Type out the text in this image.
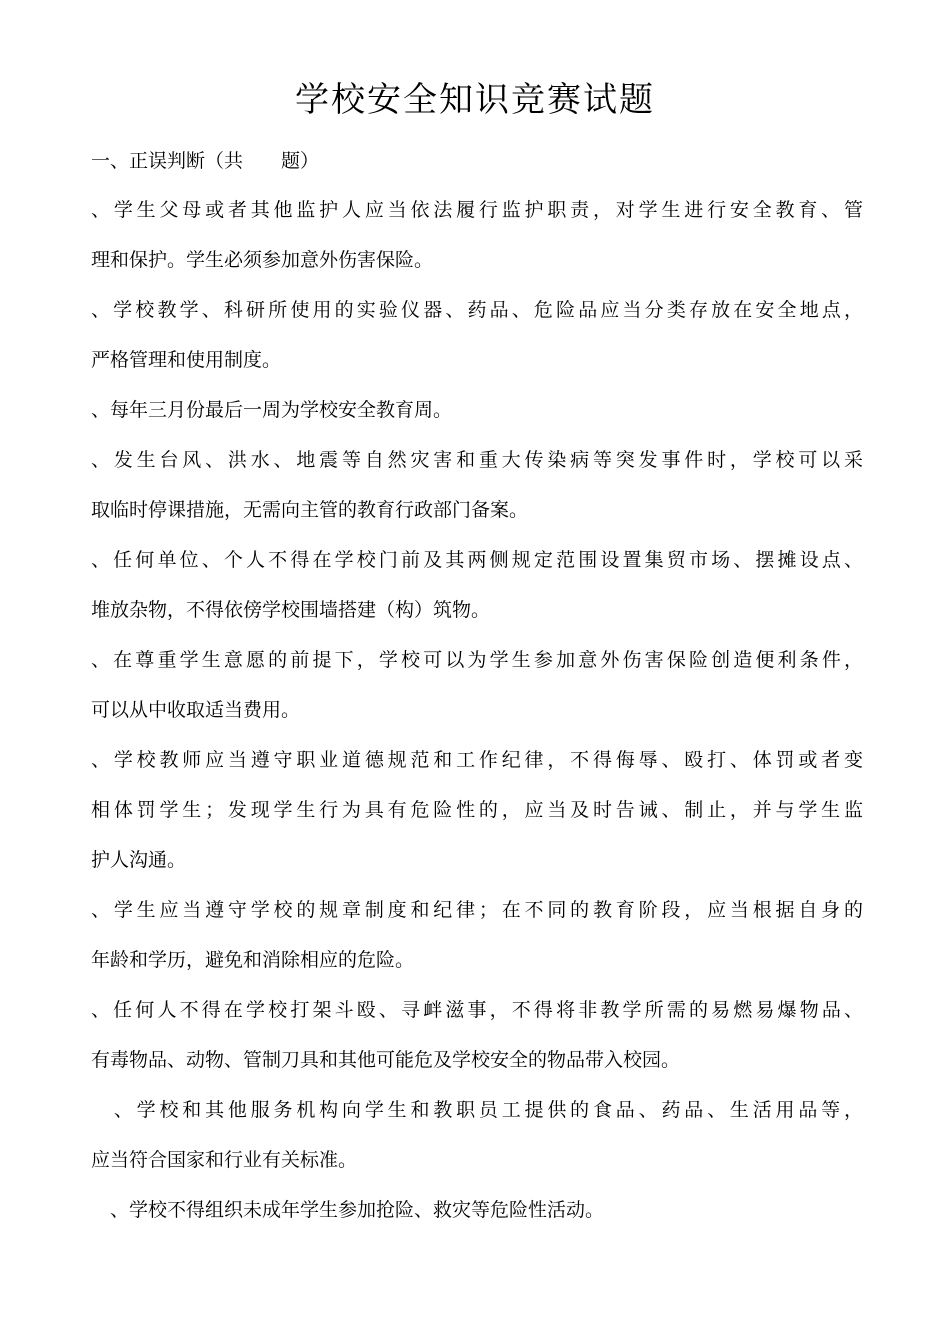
学校安全知识竞赛试题
一、正误判断（共　　题）
、学生父母或者其他监护人应当依法履行监护职责，对学生进行安全教育、管
理和保护。学生必须参加意外伤害保险。
、学校教学、科研所使用的实验仪器、药品、危险品应当分类存放在安全地点，
严格管理和使用制度。
、每年三月份最后一周为学校安全教育周。
、发生台风、洪水、地震等自然灾害和重大传染病等突发事件时，学校可以采
取临时停课措施，无需向主管的教育行政部门备案。
、任何单位、个人不得在学校门前及其两侧规定范围设置集贸市场、摆摊设点、
堆放杂物，不得依傍学校围墙搭建（构）筑物。
、在尊重学生意愿的前提下，学校可以为学生参加意外伤害保险创造便利条件，
可以从中收取适当费用。
、学校教师应当遵守职业道德规范和工作纪律，不得侮辱、殴打、体罚或者变
相体罚学生；发现学生行为具有危险性的，应当及时告诫、制止，并与学生监
护人沟通。
、学生应当遵守学校的规章制度和纪律；在不同的教育阶段，应当根据自身的
年龄和学历，避免和消除相应的危险。
、任何人不得在学校打架斗殴、寻衅滋事，不得将非教学所需的易燃易爆物品、
有毒物品、动物、管制刀具和其他可能危及学校安全的物品带入校园。
　、学校和其他服务机构向学生和教职员工提供的食品、药品、生活用品等，
应当符合国家和行业有关标准。
　、学校不得组织未成年学生参加抢险、救灾等危险性活动。
